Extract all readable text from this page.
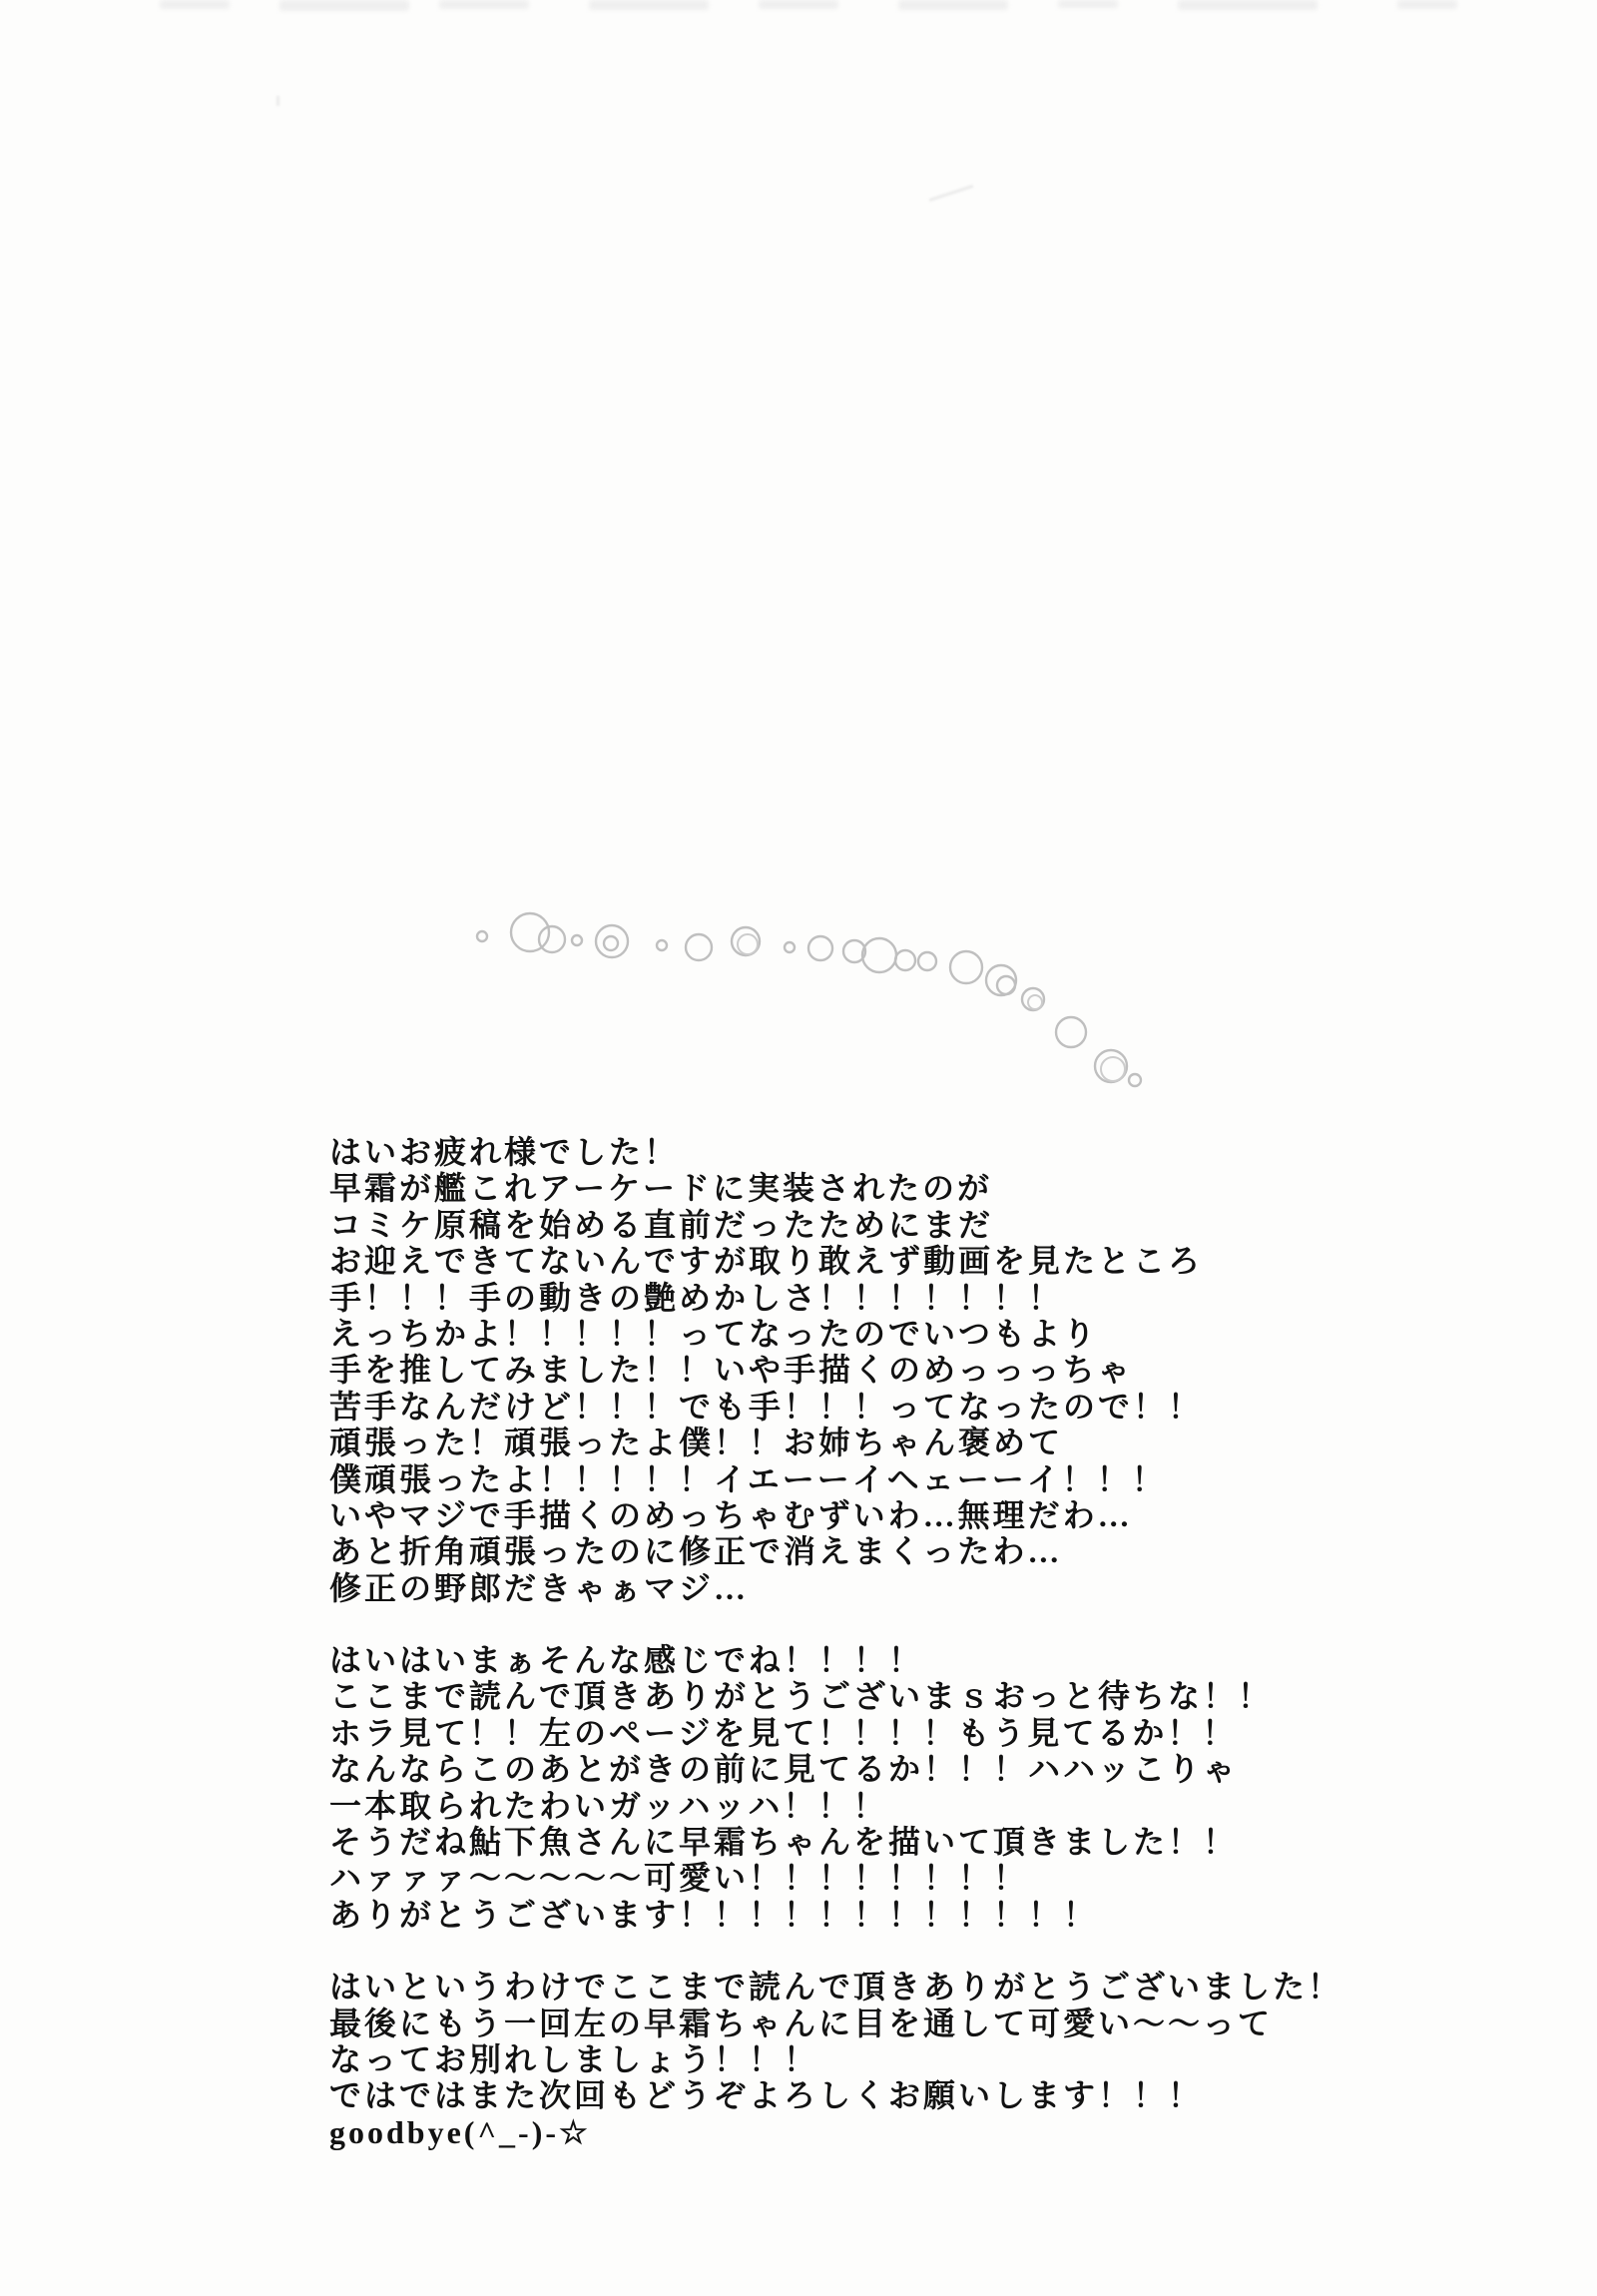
はいお疲れ様でした！
早霜が艦これアーケードに実装されたのが
コミケ原稿を始める直前だったためにまだ
お迎えできてないんですが取り敢えず動画を見たところ
手！！！手の動きの艶めかしさ！！！！！！！
えっちかよ！！！！！ってなったのでいつもより
手を推してみました！！いや手描くのめっっっちゃ
苦手なんだけど！！！でも手！！！ってなったので！！
頑張った！頑張ったよ僕！！お姉ちゃん褒めて
僕頑張ったよ！！！！！イエーーイヘェーーイ！！！
いやマジで手描くのめっちゃむずいわ…無理だわ…
あと折角頑張ったのに修正で消えまくったわ…
修正の野郎だきゃぁマジ…
はいはいまぁそんな感じでね！！！！
ここまで読んで頂きありがとうございまｓおっと待ちな！！
ホラ見て！！左のページを見て！！！！もう見てるか！！
なんならこのあとがきの前に見てるか！！！ハハッこりゃ
一本取られたわいガッハッハ！！！
そうだね鮎下魚さんに早霜ちゃんを描いて頂きました！！
ハァァァ～～～～～可愛い！！！！！！！！
ありがとうございます！！！！！！！！！！！！
はいというわけでここまで読んで頂きありがとうございました！
最後にもう一回左の早霜ちゃんに目を通して可愛い～～って
なってお別れしましょう！！！
ではではまた次回もどうぞよろしくお願いします！！！
goodbye(^_-)-☆
